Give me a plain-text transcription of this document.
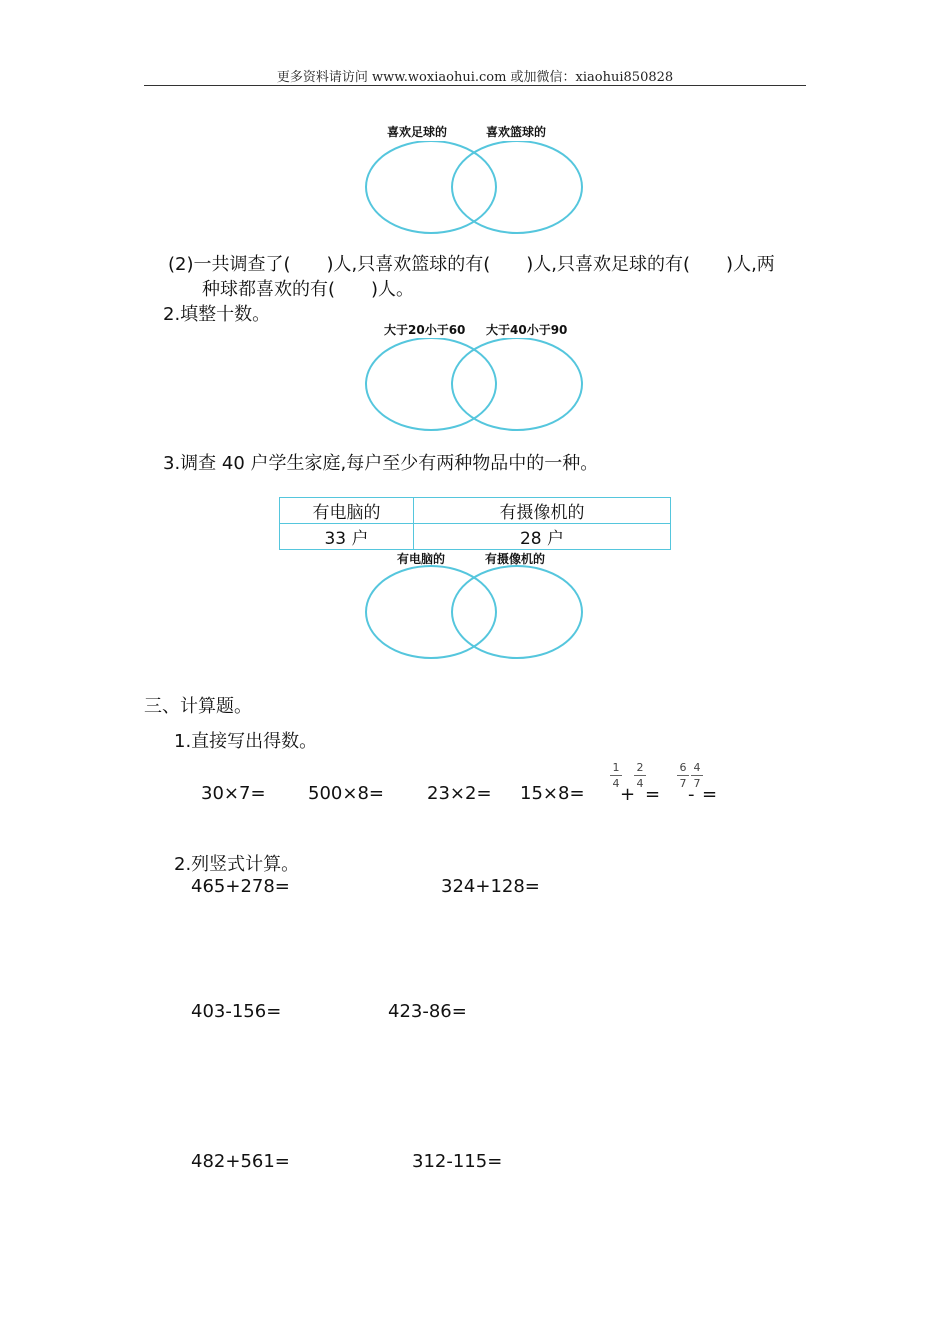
更多资料请访问 www.woxiaohui.com 或加微信：xiaohui850828
喜欢足球的	喜欢篮球的
(2)一共调查了(　　)人,只喜欢篮球的有(　　)人,只喜欢足球的有(　　)人,两
种球都喜欢的有(　　)人。
2.填整十数。
大于20小于60 大于40小于90
3.调查 40 户学生家庭,每户至少有两种物品中的一种。
有电脑的	有摄像机的
33 户	28 户
有电脑的	有摄像机的
三、计算题。
1.直接写出得数。
30×7= 500×8= 23×2= 15×8=
1
4
+
2
4
=
6
7
4
7
- =
2.列竖式计算。
465+278=	324+128=
403-156=	423-86=
482+561=	312-115=
